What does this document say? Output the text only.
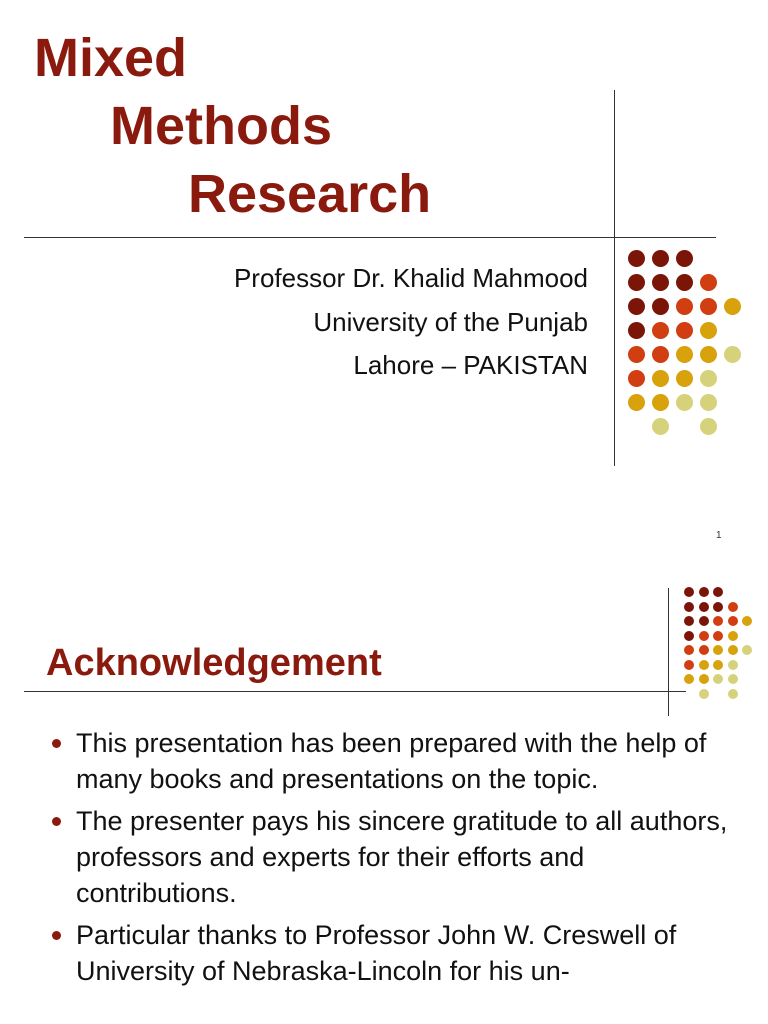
Mixed
Methods
Research
Professor Dr. Khalid Mahmood
University of the Punjab
Lahore – PAKISTAN
1
Acknowledgement
This presentation has been prepared with the help of many books and presentations on the topic.
The presenter pays his sincere gratitude to all authors, professors and experts for their efforts and contributions.
Particular thanks to Professor John W. Creswell of University of Nebraska-Lincoln for his un-
